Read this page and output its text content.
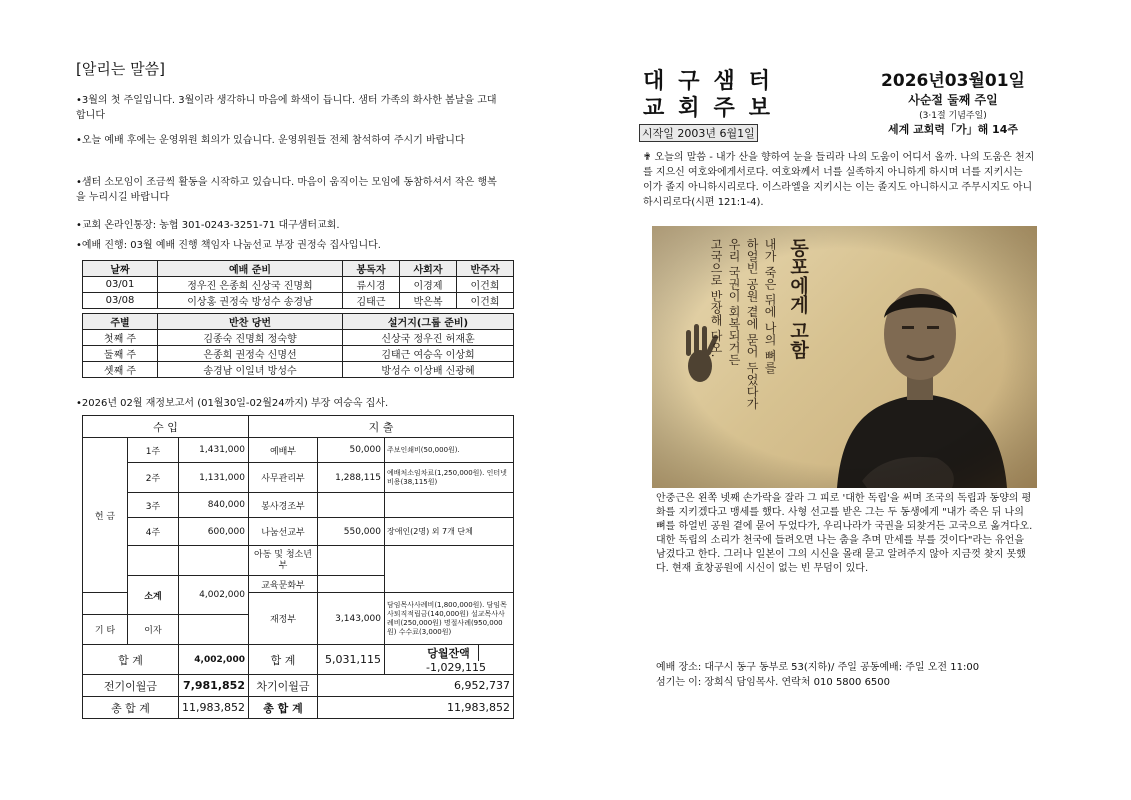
[알리는 말씀]
•3월의 첫 주일입니다. 3월이라 생각하니 마음에 화색이 듭니다. 샘터 가족의 화사한 봄날을 고대합니다
•오늘 예배 후에는 운영위원 회의가 있습니다. 운영위원들 전체 참석하여 주시기 바랍니다
•샘터 소모임이 조금씩 활동을 시작하고 있습니다. 마음이 움직이는 모임에 동참하셔서 작은 행복을 누리시길 바랍니다
•교회 온라인통장: 농협 301-0243-3251-71 대구샘터교회.
•예배 진행: 03월 예배 진행 책임자 나눔선교 부장 권정숙 집사입니다.
날짜	예배 준비	봉독자	사회자	반주자
03/01	정우진 은종희 신상국 진명희	류시경	이경제	이건희
03/08	이상홍 권정숙 방성수 송경남	김태근	박은복	이건희
주별	반찬 당번	설거지(그룹 준비)
첫째 주	김종숙 진명희 정숙향	신상국 정우진 허재훈
둘째 주	은종희 권정숙 신명선	김태근 여승옥 이상희
셋째 주	송경남 이일녀 방성수	방성수 이상배 신광혜
•2026년 02월 재정보고서 (01월30일-02월24까지) 부장 여승옥 집사.
수 입			지 출		
헌 금	1주	1,431,000	예배부	50,000	주보인쇄비(50,000원).
	2주	1,131,000	사무관리부	1,288,115	예배처소임차료(1,250,000원). 인터넷비용(38,115원)
	3주	840,000	봉사경조부		
	4주	600,000	나눔선교부	550,000	장애인(2명) 외 7개 단체
			아동 및 청소년부		
	소계	4,002,000	교육문화부		
			재정부	3,143,000	담임목사사례비(1,800,000원). 담임목사퇴직적립금(140,000원) 설교목사사례비(250,000원) 명절사례(950,000원) 수수료(3,000원)
기 타	이자				
합 계		4,002,000	합 계	5,031,115	당월잔액 -1,029,115
전기이월금		7,981,852	차기이월금	6,952,737	
총 합 계		11,983,852	총 합 계	11,983,852	
대구샘터
교회주보
시작일 2003년 6월1일
2026년03월01일
사순절 둘째 주일
(3·1절 기념주일)
세계 교회력「가」해 14주
✟ 오늘의 말씀 - 내가 산을 향하여 눈을 들리라 나의 도움이 어디서 올까. 나의 도움은 천지를 지으신 여호와에게서로다. 여호와께서 너를 실족하지 아니하게 하시며 너를 지키시는 이가 졸지 아니하시리로다. 이스라엘을 지키시는 이는 졸지도 아니하시고 주무시지도 아니하시리로다(시편 121:1-4).
동포에게 고함
내가 죽은 뒤에 나의 뼈를
하얼빈 공원 곁에 묻어 두었다가
우리 국권이 회복되거든
고국으로 반장해 다오.
안중근은 왼쪽 넷째 손가락을 잘라 그 피로 '대한 독립'을 써며 조국의 독립과 동양의 평화를 지키겠다고 맹세를 했다. 사형 선고를 받은 그는 두 동생에게 "내가 죽은 뒤 나의 뼈를 하얼빈 공원 곁에 묻어 두었다가, 우리나라가 국권을 되찾거든 고국으로 옮겨다오. 대한 독립의 소리가 천국에 들려오면 나는 춤을 추며 만세를 부를 것이다"라는 유언을 남겼다고 한다. 그러나 일본이 그의 시신을 몰래 묻고 알려주지 않아 지금껏 찾지 못했다. 현재 효창공원에 시신이 없는 빈 무덤이 있다.
예배 장소: 대구시 동구 동부로 53(지하)/ 주일 공동예배: 주일 오전 11:00
섬기는 이: 장희식 담임목사. 연락처 010 5800 6500
